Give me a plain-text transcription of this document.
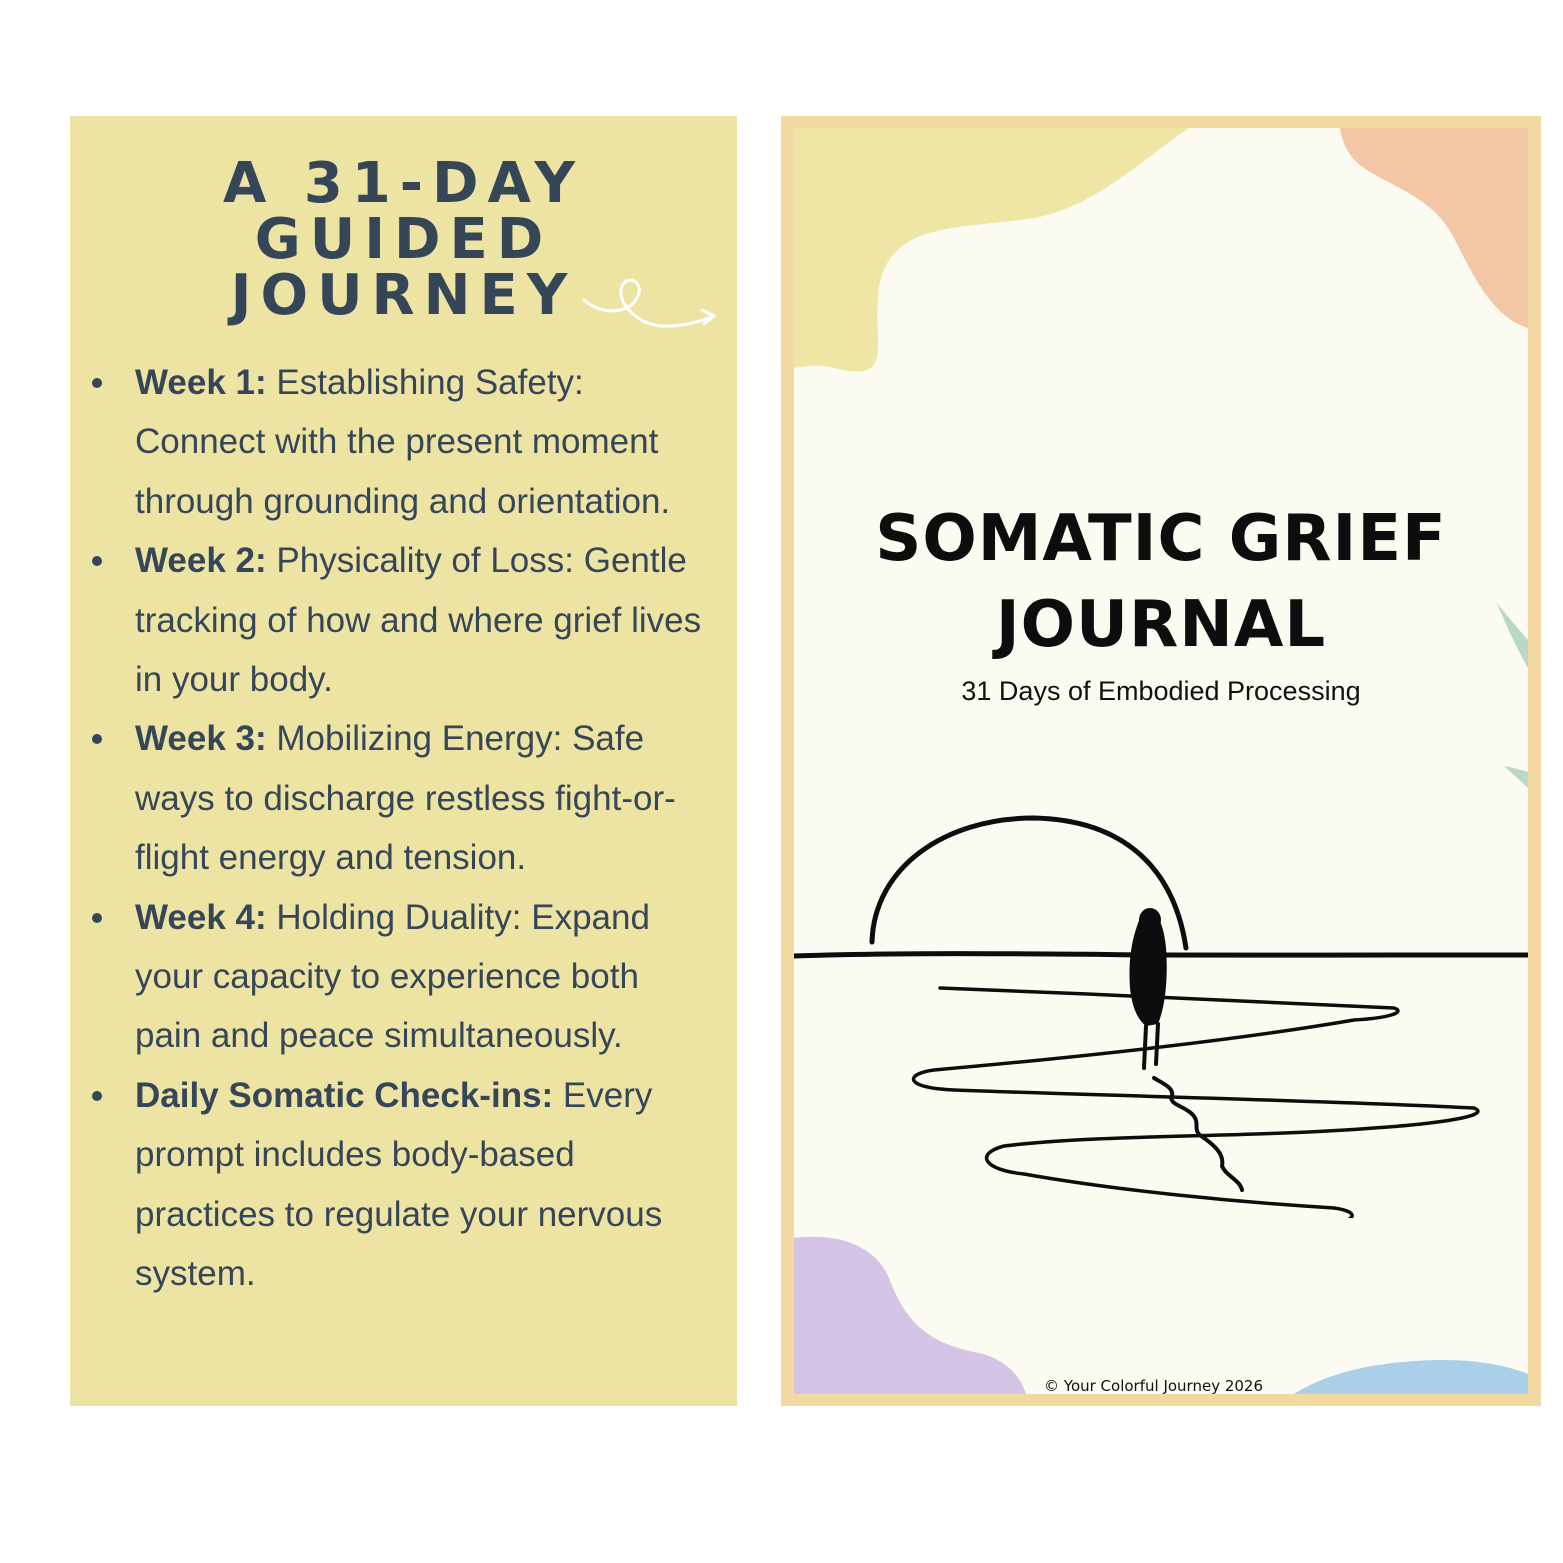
A 31-DAY GUIDED
JOURNEY
Week 1: Establishing Safety: Connect with the present moment through grounding and orientation.
Week 2: Physicality of Loss: Gentle tracking of how and where grief lives in your body.
Week 3: Mobilizing Energy: Safe ways to discharge restless fight-or-flight energy and tension.
Week 4: Holding Duality: Expand your capacity to experience both pain and peace simultaneously.
Daily Somatic Check-ins: Every prompt includes body-based practices to regulate your nervous system.
SOMATIC GRIEF
JOURNAL
31 Days of Embodied Processing
© Your Colorful Journey 2026
